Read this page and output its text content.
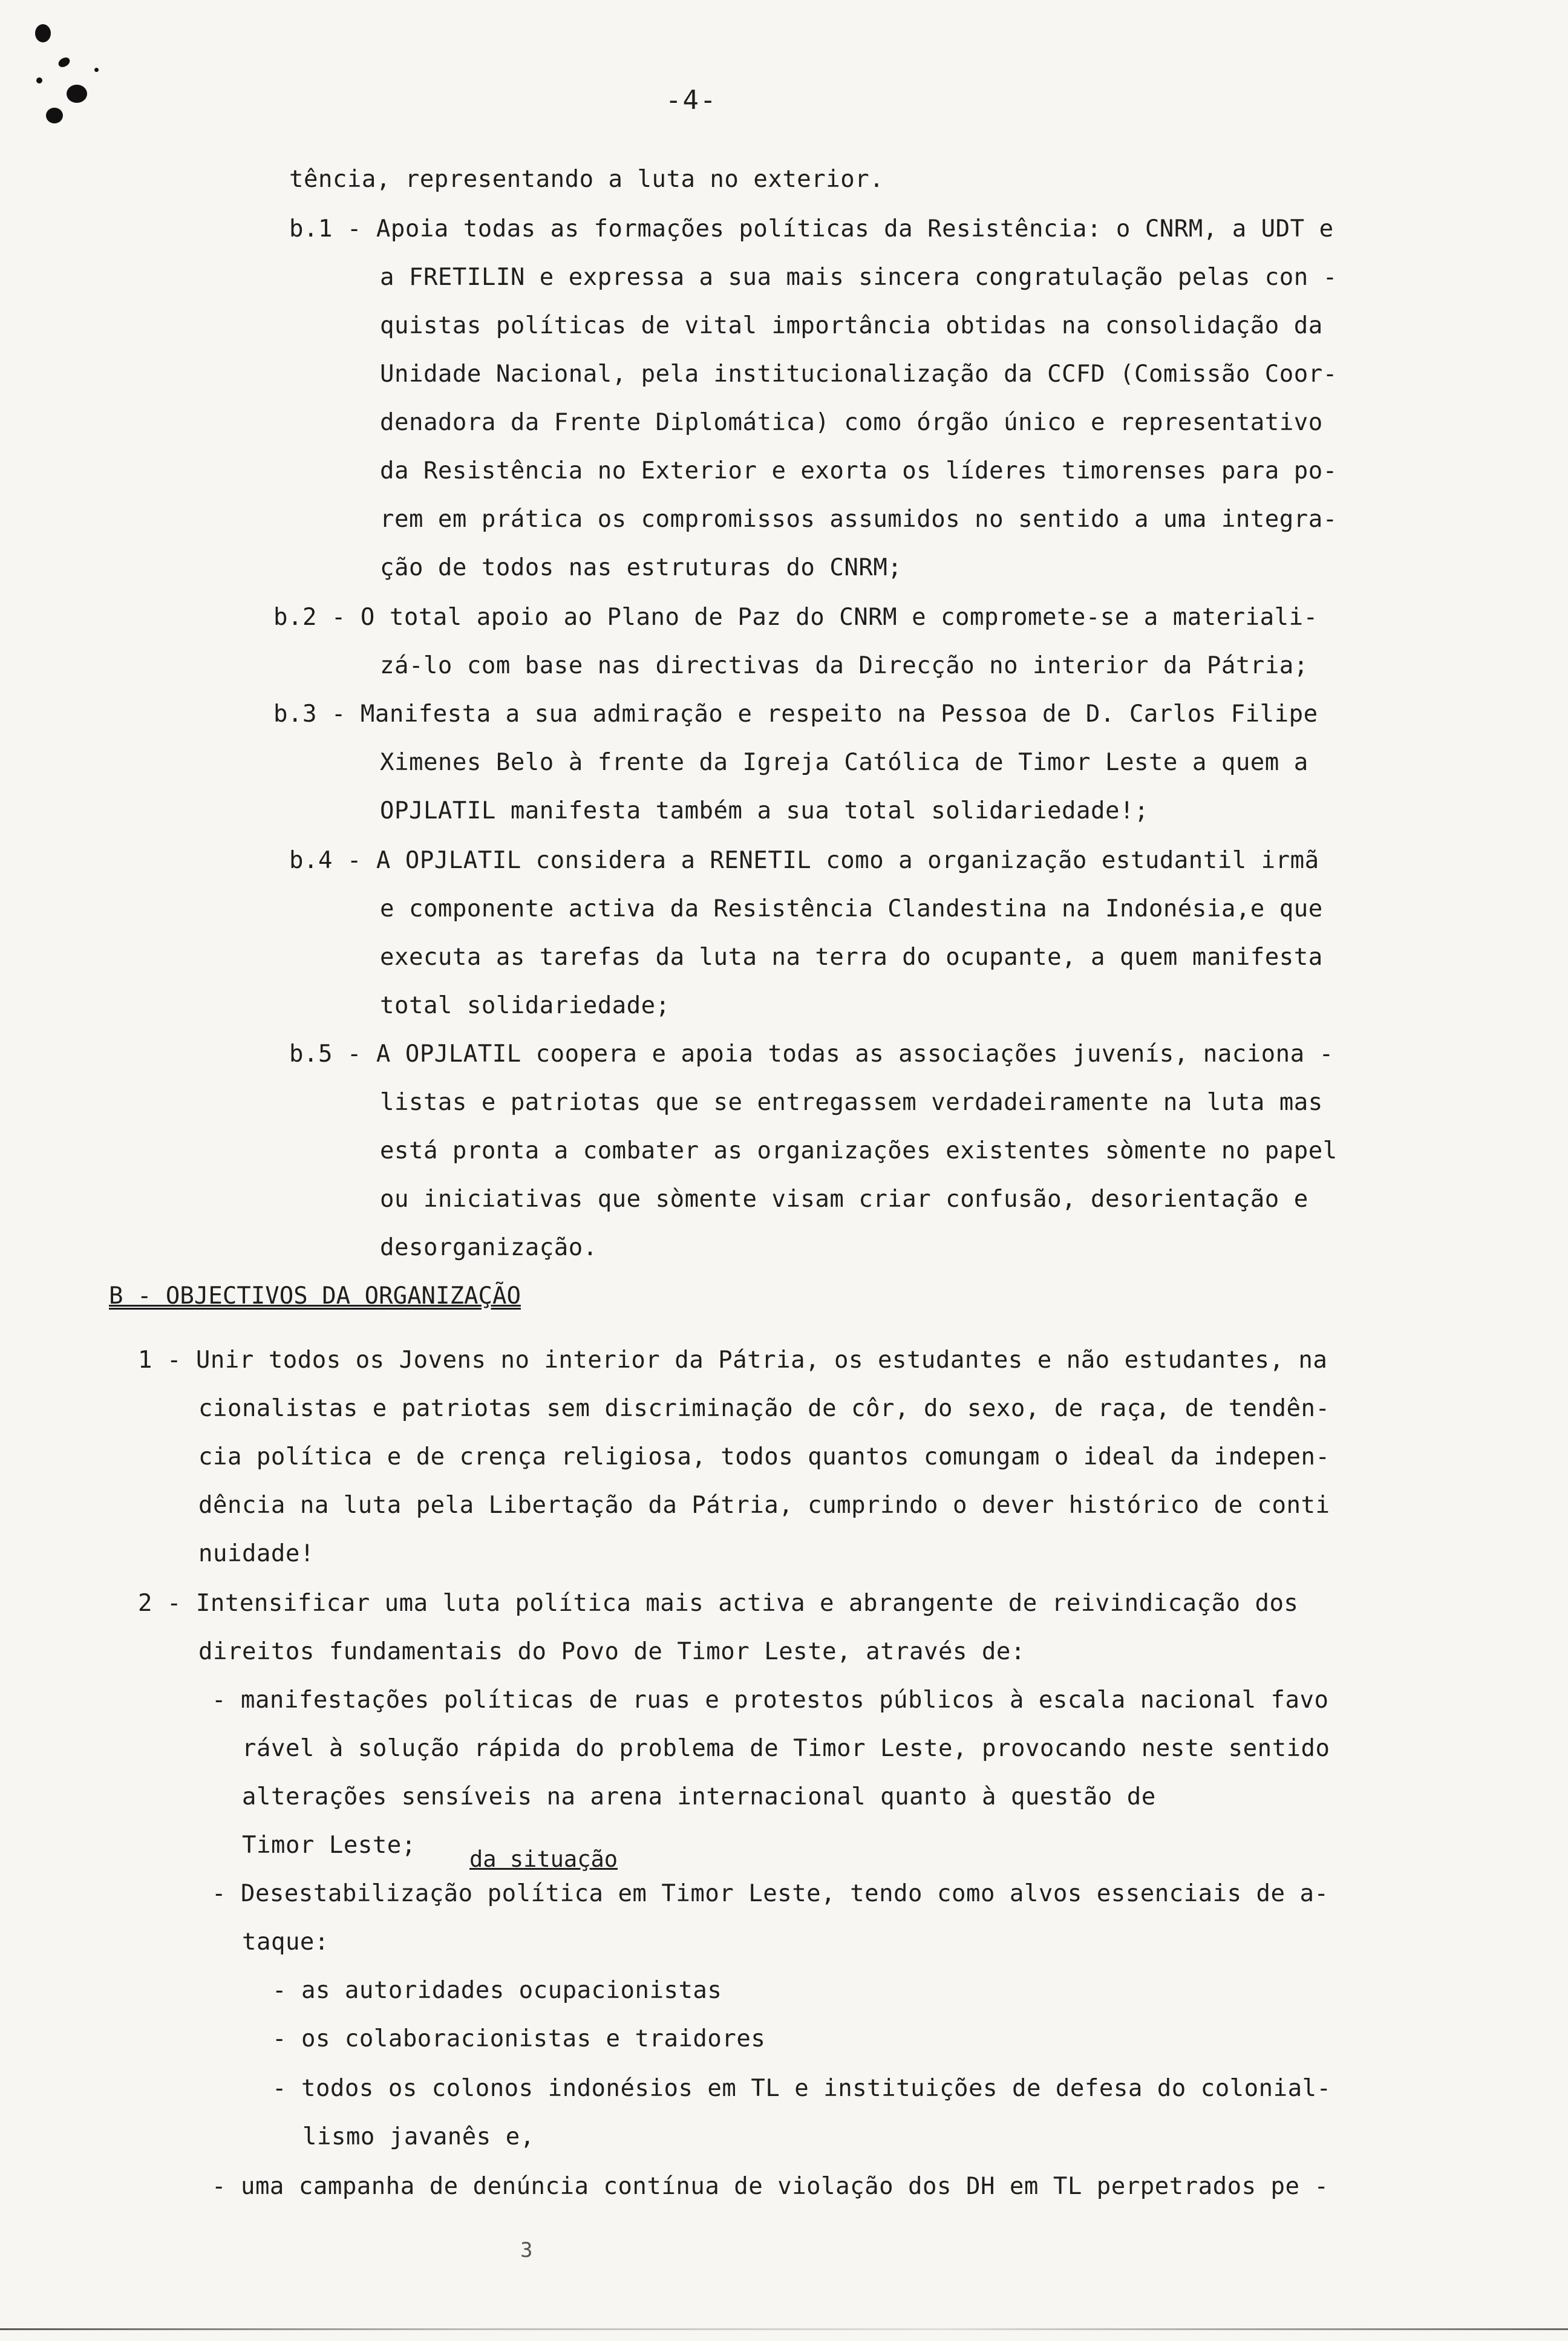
-4-
tência, representando a luta no exterior.
b.1 - Apoia todas as formações políticas da Resistência: o CNRM, a UDT e
a FRETILIN e expressa a sua mais sincera congratulação pelas con -
quistas políticas de vital importância obtidas na consolidação da
Unidade Nacional, pela institucionalização da CCFD (Comissão Coor-
denadora da Frente Diplomática) como órgão único e representativo
da Resistência no Exterior e exorta os líderes timorenses para po-
rem em prática os compromissos assumidos no sentido a uma integra-
ção de todos nas estruturas do CNRM;
b.2 - O total apoio ao Plano de Paz do CNRM e compromete-se a materiali-
zá-lo com base nas directivas da Direcção no interior da Pátria;
b.3 - Manifesta a sua admiração e respeito na Pessoa de D. Carlos Filipe
Ximenes Belo à frente da Igreja Católica de Timor Leste a quem a
OPJLATIL manifesta também a sua total solidariedade!;
b.4 - A OPJLATIL considera a RENETIL como a organização estudantil irmã
e componente activa da Resistência Clandestina na Indonésia,e que
executa as tarefas da luta na terra do ocupante, a quem manifesta
total solidariedade;
b.5 - A OPJLATIL coopera e apoia todas as associações juvenís, naciona -
listas e patriotas que se entregassem verdadeiramente na luta mas
está pronta a combater as organizações existentes sòmente no papel
ou iniciativas que sòmente visam criar confusão, desorientação e
desorganização.
B - OBJECTIVOS DA ORGANIZAÇÃO
1 - Unir todos os Jovens no interior da Pátria, os estudantes e não estudantes, na
cionalistas e patriotas sem discriminação de côr, do sexo, de raça, de tendên-
cia política e de crença religiosa, todos quantos comungam o ideal da indepen-
dência na luta pela Libertação da Pátria, cumprindo o dever histórico de conti
nuidade!
2 - Intensificar uma luta política mais activa e abrangente de reivindicação dos
direitos fundamentais do Povo de Timor Leste, através de:
- manifestações políticas de ruas e protestos públicos à escala nacional favo
rável à solução rápida do problema de Timor Leste, provocando neste sentido
alterações sensíveis na arena internacional quanto à questão de
Timor Leste;
da situação
- Desestabilização política em Timor Leste, tendo como alvos essenciais de a-
taque:
- as autoridades ocupacionistas
- os colaboracionistas e traidores
- todos os colonos indonésios em TL e instituições de defesa do colonial-
lismo javanês e,
- uma campanha de denúncia contínua de violação dos DH em TL perpetrados pe -
3
